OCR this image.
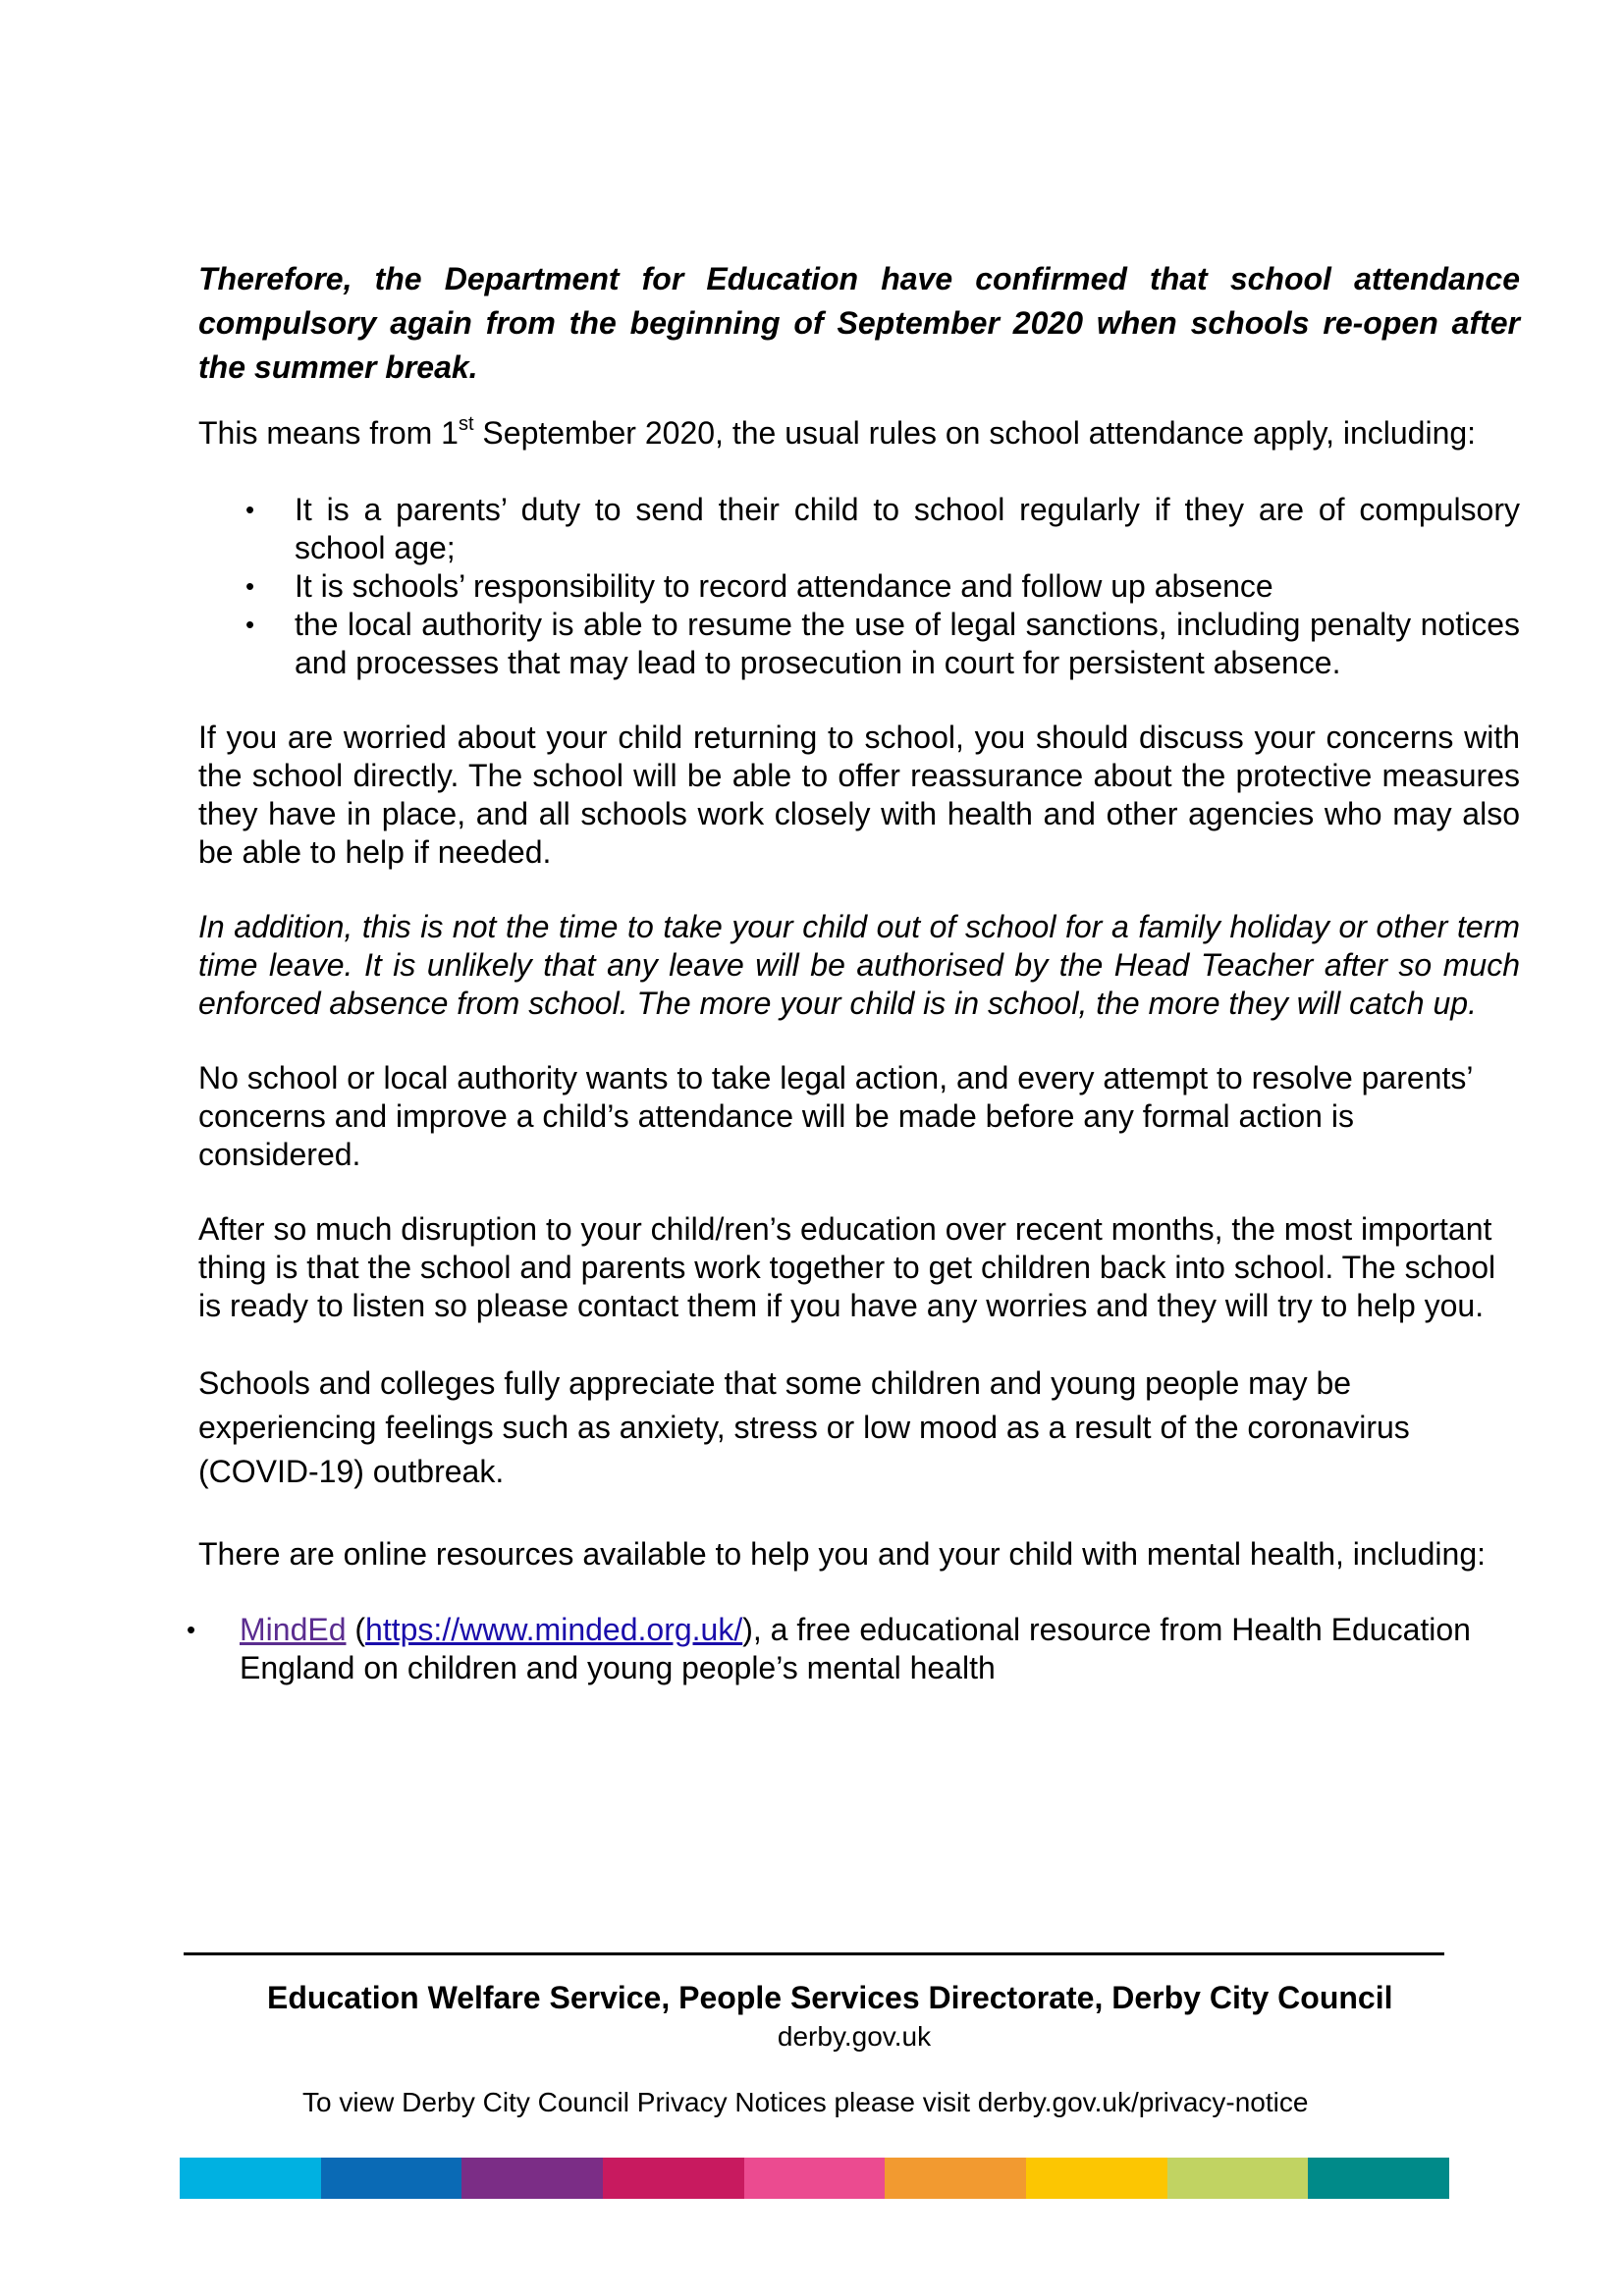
Therefore, the Department for Education have confirmed that school attendance compulsory again from the beginning of September 2020 when schools re-open after the summer break.

This means from 1st September 2020, the usual rules on school attendance apply, including:

• It is a parents’ duty to send their child to school regularly if they are of compulsory school age;
• It is schools’ responsibility to record attendance and follow up absence
• the local authority is able to resume the use of legal sanctions, including penalty notices and processes that may lead to prosecution in court for persistent absence.

If you are worried about your child returning to school, you should discuss your concerns with the school directly. The school will be able to offer reassurance about the protective measures they have in place, and all schools work closely with health and other agencies who may also be able to help if needed.

In addition, this is not the time to take your child out of school for a family holiday or other term time leave. It is unlikely that any leave will be authorised by the Head Teacher after so much enforced absence from school. The more your child is in school, the more they will catch up.

No school or local authority wants to take legal action, and every attempt to resolve parents’ concerns and improve a child’s attendance will be made before any formal action is considered.

After so much disruption to your child/ren’s education over recent months, the most important thing is that the school and parents work together to get children back into school. The school is ready to listen so please contact them if you have any worries and they will try to help you.

Schools and colleges fully appreciate that some children and young people may be experiencing feelings such as anxiety, stress or low mood as a result of the coronavirus (COVID-19) outbreak.

There are online resources available to help you and your child with mental health, including:

• MindEd (https://www.minded.org.uk/), a free educational resource from Health Education England on children and young people’s mental health
Education Welfare Service, People Services Directorate, Derby City Council
derby.gov.uk
To view Derby City Council Privacy Notices please visit derby.gov.uk/privacy-notice
